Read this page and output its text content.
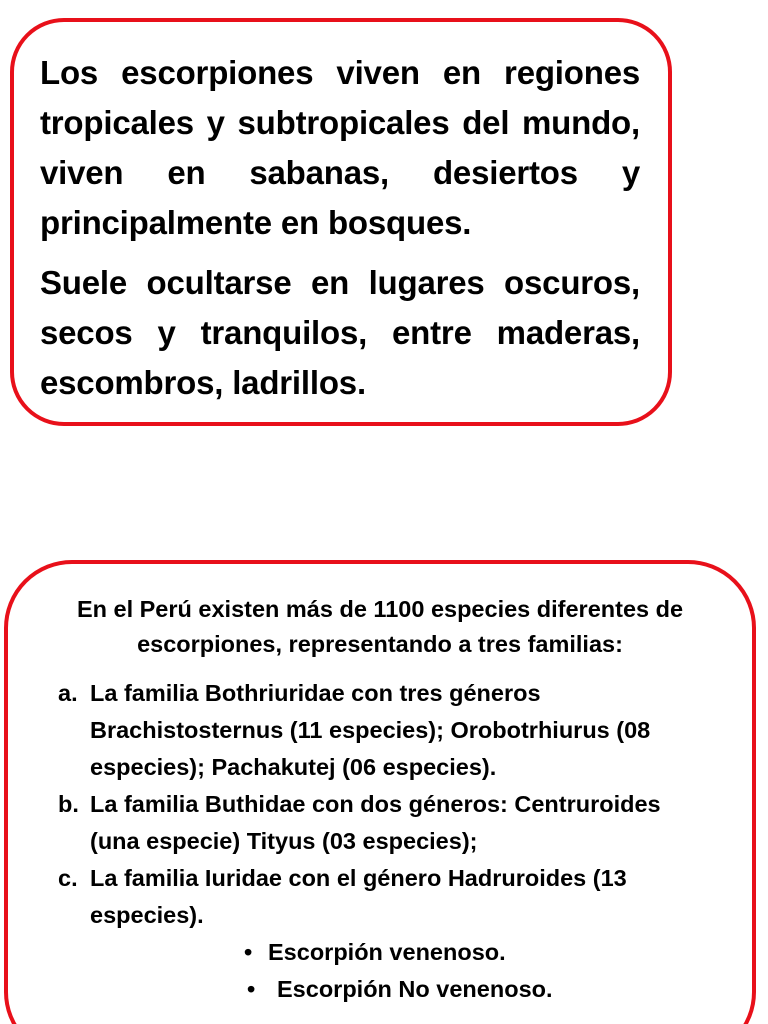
Los escorpiones viven en regiones tropicales y subtropicales del mundo, viven en sabanas, desiertos y principalmente en bosques.

Suele ocultarse en lugares oscuros, secos y tranquilos, entre maderas, escombros, ladrillos.

En el Perú existen más de 1100 especies diferentes de
escorpiones, representando a tres familias:

a. La familia Bothriuridae con tres géneros Brachistosternus (11 especies); Orobotrhiurus (08 especies); Pachakutej (06 especies).

b. La familia Buthidae con dos géneros: Centruroides (una especie) Tityus (03 especies);

c. La familia Iuridae con el género Hadruroides (13 especies).

• Escorpión venenoso.

• Escorpión No venenoso.
